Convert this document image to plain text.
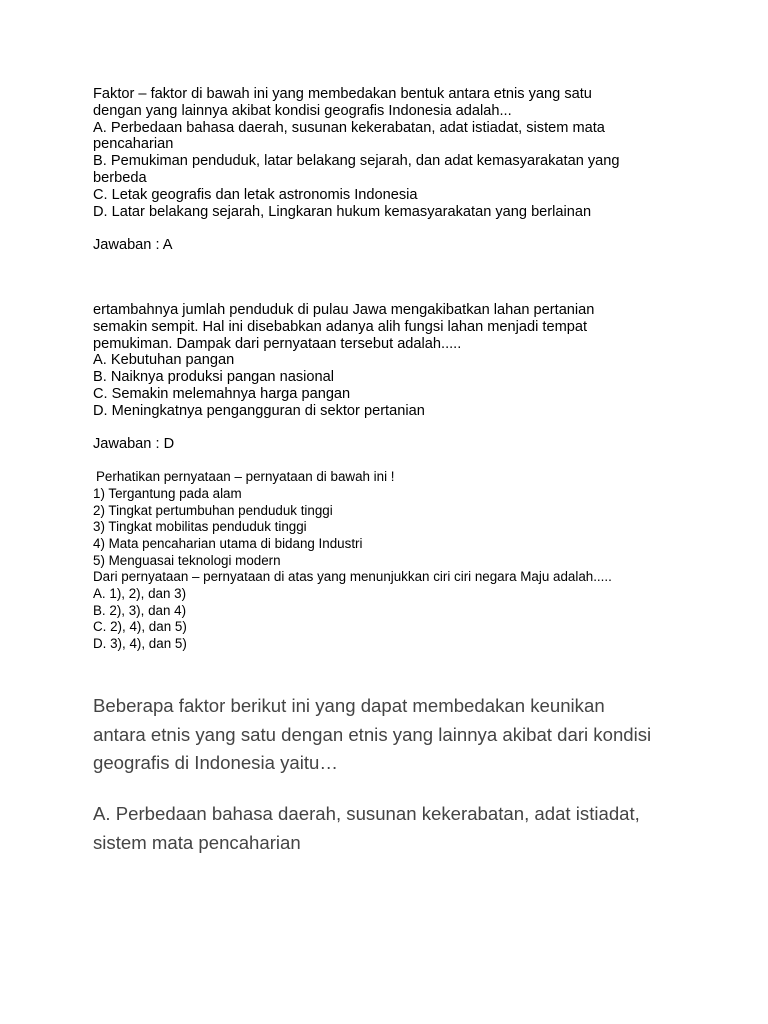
Faktor – faktor di bawah ini yang membedakan bentuk antara etnis yang satu

dengan yang lainnya akibat kondisi geografis Indonesia adalah...

A. Perbedaan bahasa daerah, susunan kekerabatan, adat istiadat, sistem mata

pencaharian

B. Pemukiman penduduk, latar belakang sejarah, dan adat kemasyarakatan yang

berbeda

C. Letak geografis dan letak astronomis Indonesia

D. Latar belakang sejarah, Lingkaran hukum kemasyarakatan yang berlainan

Jawaban : A

ertambahnya jumlah penduduk di pulau Jawa mengakibatkan lahan pertanian

semakin sempit. Hal ini disebabkan adanya alih fungsi lahan menjadi tempat

pemukiman. Dampak dari pernyataan tersebut adalah.....

A. Kebutuhan pangan

B. Naiknya produksi pangan nasional

C. Semakin melemahnya harga pangan

D. Meningkatnya pengangguran di sektor pertanian

Jawaban : D

Perhatikan pernyataan – pernyataan di bawah ini !

1) Tergantung pada alam

2) Tingkat pertumbuhan penduduk tinggi

3) Tingkat mobilitas penduduk tinggi

4) Mata pencaharian utama di bidang Industri

5) Menguasai teknologi modern

Dari pernyataan – pernyataan di atas yang menunjukkan ciri ciri negara Maju adalah.....

A. 1), 2), dan 3)

B. 2), 3), dan 4)

C. 2), 4), dan 5)

D. 3), 4), dan 5)

Beberapa faktor berikut ini yang dapat membedakan keunikan

antara etnis yang satu dengan etnis yang lainnya akibat dari kondisi

geografis di Indonesia yaitu…

A. Perbedaan bahasa daerah, susunan kekerabatan, adat istiadat,

sistem mata pencaharian
